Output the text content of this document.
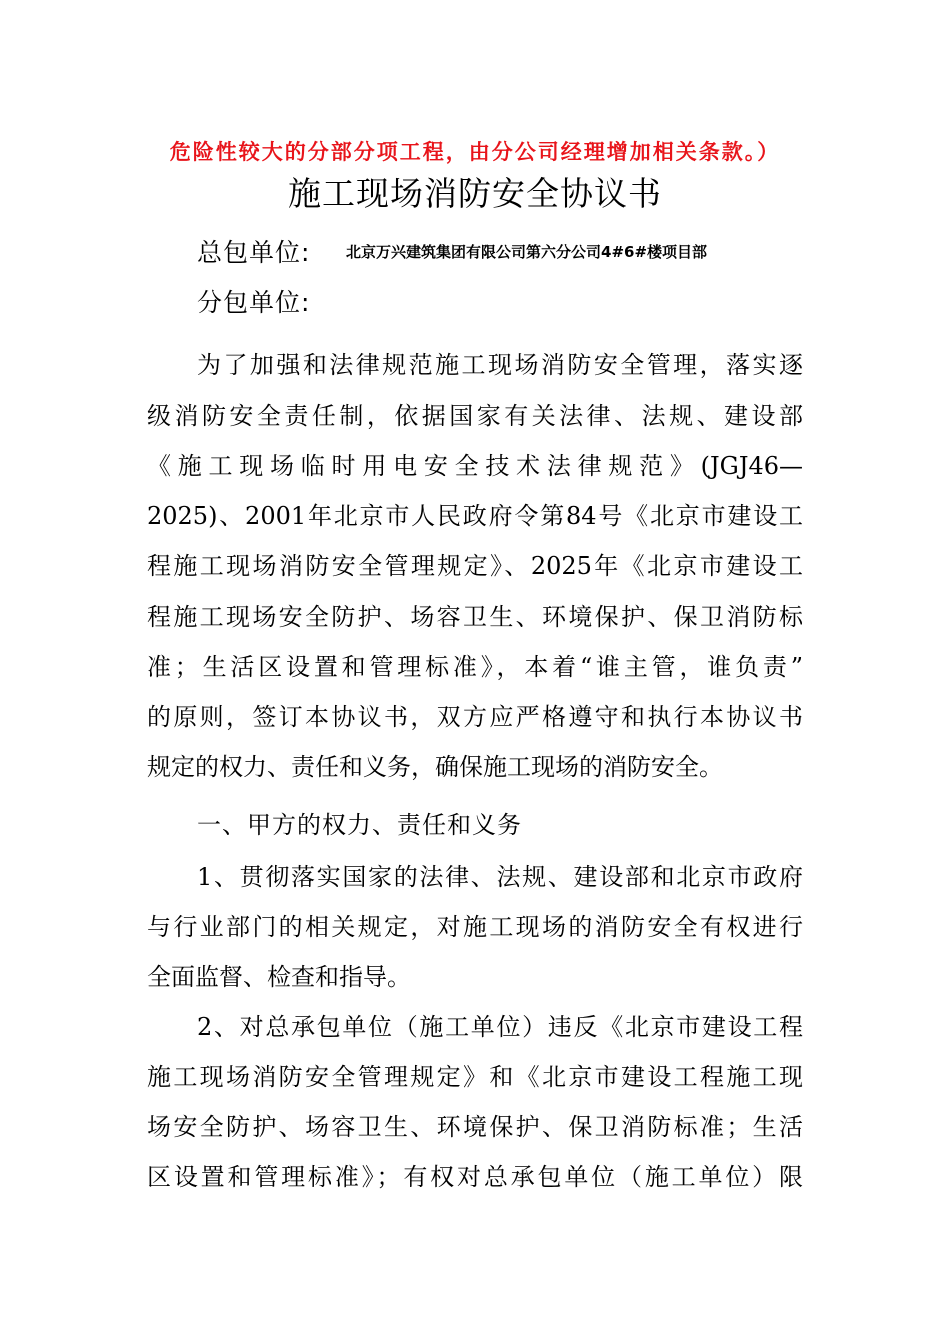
危险性较大的分部分项工程，由分公司经理增加相关条款。）
施工现场消防安全协议书
总包单位: 北京万兴建筑集团有限公司第六分公司4#6#楼项目部
分包单位:
为了加强和法律规范施工现场消防安全管理，落实逐
级消防安全责任制，依据国家有关法律、法规、建设部
《施工现场临时用电安全技术法律规范》(JGJ46—
2025)、2001年北京市人民政府令第84号《北京市建设工
程施工现场消防安全管理规定》、2025年《北京市建设工
程施工现场安全防护、场容卫生、环境保护、保卫消防标
准；生活区设置和管理标准》，本着“谁主管，谁负责”
的原则，签订本协议书，双方应严格遵守和执行本协议书
规定的权力、责任和义务，确保施工现场的消防安全。
一、甲方的权力、责任和义务
1、贯彻落实国家的法律、法规、建设部和北京市政府
与行业部门的相关规定，对施工现场的消防安全有权进行
全面监督、检查和指导。
2、对总承包单位（施工单位）违反《北京市建设工程
施工现场消防安全管理规定》和《北京市建设工程施工现
场安全防护、场容卫生、环境保护、保卫消防标准；生活
区设置和管理标准》；有权对总承包单位（施工单位）限
